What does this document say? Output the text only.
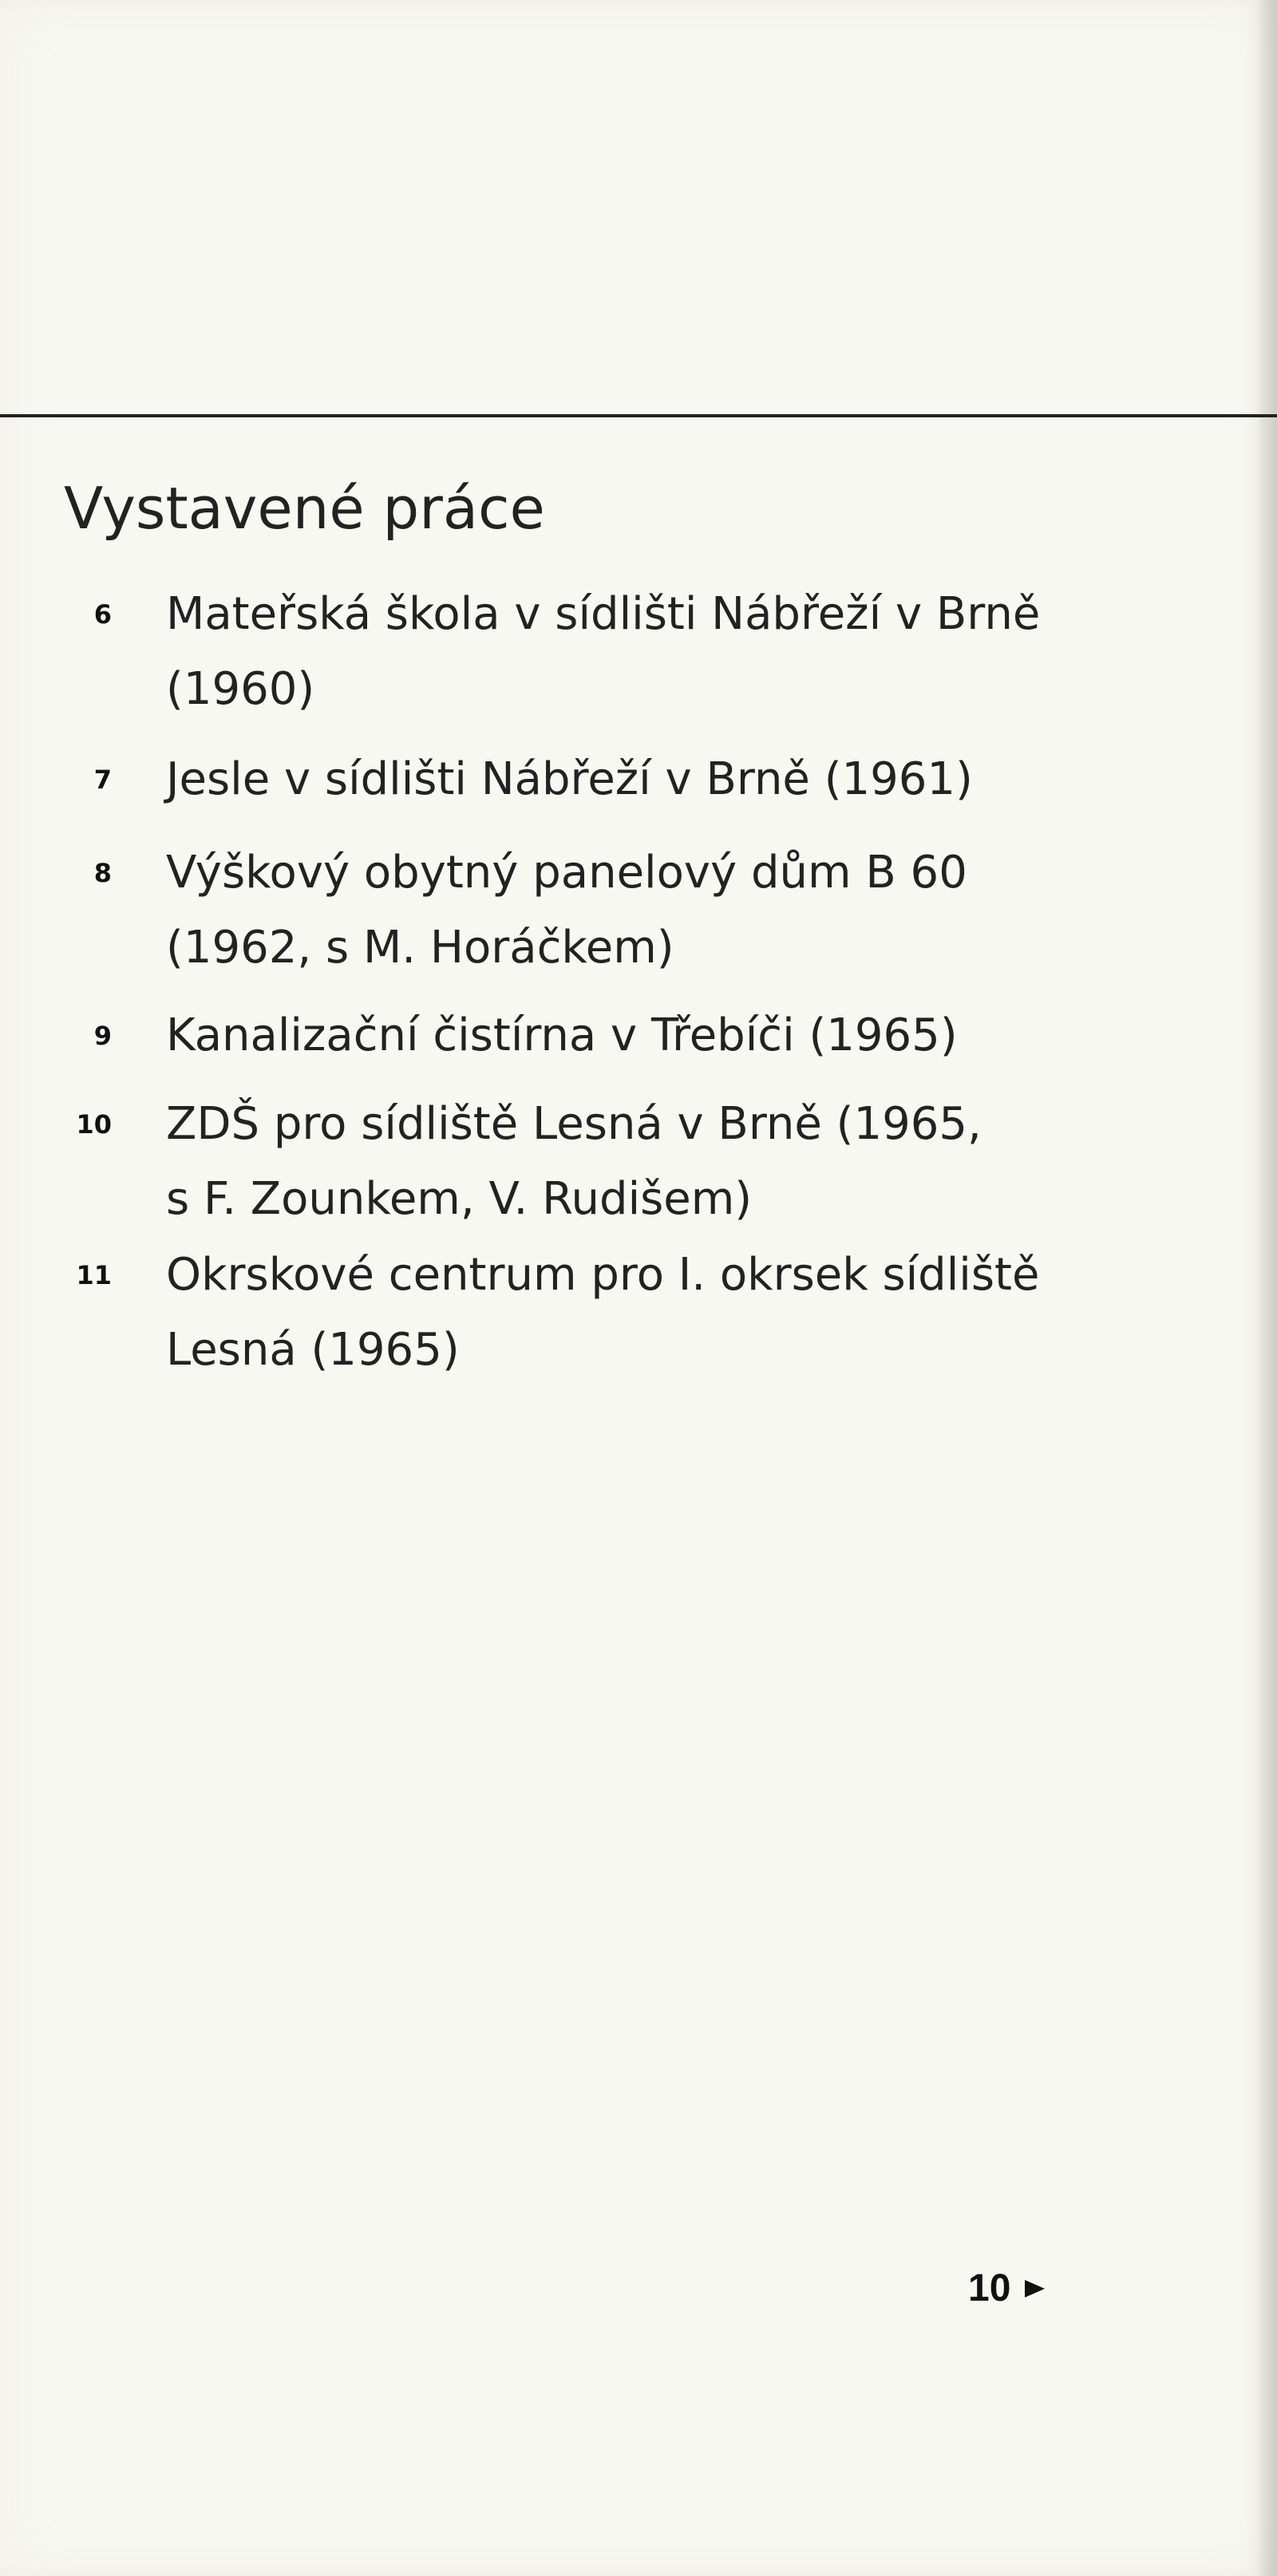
Vystavené práce
6 Mateřská škola v sídlišti Nábřeží v Brně
(1960)
7 Jesle v sídlišti Nábřeží v Brně (1961)
8 Výškový obytný panelový dům B 60
(1962, s M. Horáčkem)
9 Kanalizační čistírna v Třebíči (1965)
10 ZDŠ pro sídliště Lesná v Brně (1965,
s F. Zounkem, V. Rudišem)
11 Okrskové centrum pro I. okrsek sídliště
Lesná (1965)
10
